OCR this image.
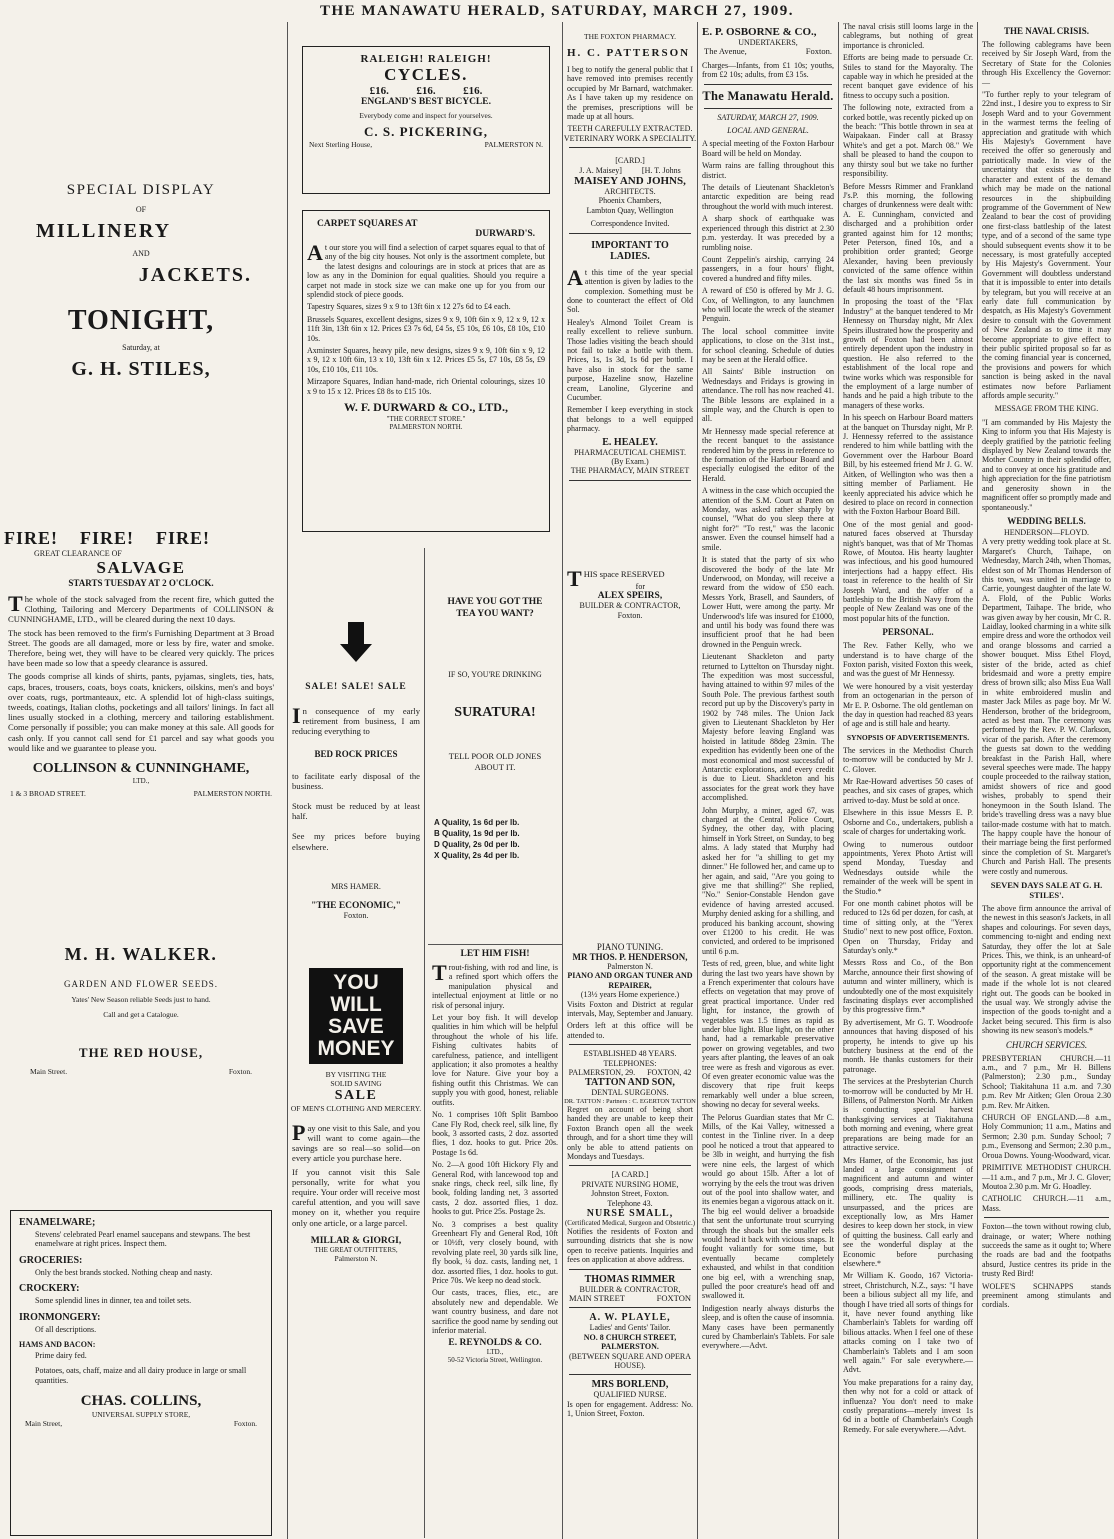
THE MANAWATU HERALD, SATURDAY, MARCH 27, 1909.
SPECIAL DISPLAY
OF
MILLINERY
AND
JACKETS.
TONIGHT,
Saturday, at
G. H. STILES,
FIRE!    FIRE!    FIRE!
GREAT CLEARANCE OF
SALVAGE
STARTS TUESDAY AT 2 O'CLOCK.

The whole of the stock salvaged from the recent fire, which gutted the Clothing, Tailoring and Mercery Departments of COLLINSON & CUNNINGHAME, LTD., will be cleared during the next 10 days.

The stock has been removed to the firm's Furnishing Department at 3 Broad Street. The goods are all damaged, more or less by fire, water and smoke. Therefore, being wet, they will have to be cleared very quickly. The prices have been made so low that a speedy clearance is assured.

The goods comprise all kinds of shirts, pants, pyjamas, singlets, ties, hats, caps, braces, trousers, coats, boys coats, knickers, oilskins, men's and boys' over coats, rugs, portmanteaux, etc. A splendid lot of high-class suitings, tweeds, coatings, Italian cloths, pocketings and all tailors' linings. In fact all lines usually stocked in a clothing, mercery and tailoring establishment. Come personally if possible; you can make money at this sale. All goods for cash only. If you cannot call send for £1 parcel and say what goods you would like and we guarantee to please you.

COLLINSON & CUNNINGHAME,
LTD.,
1 & 3 BROAD STREET.	PALMERSTON NORTH.
M. H. WALKER.
GARDEN AND FLOWER SEEDS.
Yates' New Season reliable Seeds just to hand.
Call and get a Catalogue.
THE RED HOUSE,
Main Street.	Foxton.
ENAMELWARE;
Stevens' celebrated Pearl enamel saucepans and stewpans. The best enamelware at right prices. Inspect them.
GROCERIES:
Only the best brands stocked. Nothing cheap and nasty.
CROCKERY:
Some splendid lines in dinner, tea and toilet sets.
IRONMONGERY:
Of all descriptions.
HAMS AND BACON:
Prime dairy fed.
Potatoes, oats, chaff, maize and all dairy produce in large or small quantities.
CHAS. COLLINS,
UNIVERSAL SUPPLY STORE,
Main Street,	Foxton.
RALEIGH! RALEIGH!
CYCLES.
£16.          £16.          £16.
ENGLAND'S BEST BICYCLE.
Everybody come and inspect for yourselves.
C. S. PICKERING,
Next Sterling House,	PALMERSTON N.
CARPET SQUARES AT
DURWARD'S.

At our store you will find a selection of carpet squares equal to that of any of the big city houses. Not only is the assortment complete, but the latest designs and colourings are in stock at prices that are as low as any in the Dominion for equal qualities. Should you require a carpet not made in stock size we can make one up for you from our splendid stock of piece goods.

Tapestry Squares, sizes 9 x 9 to 13ft 6in x 12 27s 6d to £4 each.

Brussels Squares, excellent designs, sizes 9 x 9, 10ft 6in x 9, 12 x 9, 12 x 11ft 3in, 13ft 6in x 12. Prices £3 7s 6d, £4 5s, £5 10s, £6 10s, £8 10s, £10 10s.

Axminster Squares, heavy pile, new designs, sizes 9 x 9, 10ft 6in x 9, 12 x 9, 12 x 10ft 6in, 13 x 10, 13ft 6in x 12. Prices £5 5s, £7 10s, £8 5s, £9 10s, £10 10s, £11 10s.

Mirzapore Squares, Indian hand-made, rich Oriental colourings, sizes 10 x 9 to 15 x 12. Prices £8 8s to £15 10s.

W. F. DURWARD & CO., LTD.,
"THE CORRECT STORE."
PALMERSTON NORTH.
SALE! SALE! SALE

In consequence of my early retirement from business, I am reducing everything to

BED ROCK PRICES

to facilitate early disposal of the business.

Stock must be reduced by at least half.

See my prices before buying elsewhere.

MRS HAMER.
"THE ECONOMIC,"
Foxton.
YOU
WILL
SAVE
MONEY
BY VISITING THE
SOLID SAVING
SALE
OF MEN'S CLOTHING AND MERCERY.

Pay one visit to this Sale, and you will want to come again—the savings are so real—so solid—on every article you purchase here.

If you cannot visit this Sale personally, write for what you require. Your order will receive most careful attention, and you will save money on it, whether you require only one article, or a large parcel.

MILLAR & GIORGI,
THE GREAT OUTFITTERS,
Palmerston N.
HAVE YOU GOT THE TEA YOU WANT?
IF SO, YOU'RE DRINKING
SURATURA!
TELL POOR OLD JONES ABOUT IT.
A Quality, 1s 6d per lb.
B Quality, 1s 9d per lb.
D Quality, 2s 0d per lb.
X Quality, 2s 4d per lb.
LET HIM FISH!

Trout-fishing, with rod and line, is a refined sport which offers the manipulation physical and intellectual enjoyment at little or no risk of personal injury.

Let your boy fish. It will develop qualities in him which will be helpful throughout the whole of his life. Fishing cultivates habits of carefulness, patience, and intelligent application; it also promotes a healthy love for Nature. Give your boy a fishing outfit this Christmas. We can supply you with good, honest, reliable outfits.

No. 1 comprises 10ft Split Bamboo Cane Fly Rod, check reel, silk line, fly book, 3 assorted casts, 2 doz. assorted flies, 1 doz. hooks to gut. Price 20s. Postage 1s 6d.

No. 2—A good 10ft Hickory Fly and General Rod, with lancewood top and snake rings, check reel, silk line, fly book, folding landing net, 3 assorted casts, 2 doz. assorted flies, 1 doz. hooks to gut. Price 25s. Postage 2s.

No. 3 comprises a best quality Greenheart Fly and General Rod, 10ft or 10½ft, very closely bound, with revolving plate reel, 30 yards silk line, fly book, ¼ doz. casts, landing net, 1 doz. assorted flies, 1 doz. hooks to gut. Price 70s. We keep no dead stock.

Our casts, traces, flies, etc., are absolutely new and dependable. We want country business, and dare not sacrifice the good name by sending out inferior material.

E. REYNOLDS & CO.
LTD.,
50-52 Victoria Street, Wellington.
THE FOXTON PHARMACY.
H. C. PATTERSON

I beg to notify the general public that I have removed into premises recently occupied by Mr Barnard, watchmaker. As I have taken up my residence on the premises, prescriptions will be made up at all hours.

TEETH CAREFULLY EXTRACTED.
VETERINARY WORK A SPECIALITY.
[CARD.]
J. A. Maisey]          [H. T. Johns
MAISEY AND JOHNS,
ARCHITECTS.
Phoenix Chambers,
Lambton Quay, Wellington
Correspondence Invited.
IMPORTANT TO
LADIES.

At this time of the year special attention is given by ladies to the complexion. Something must be done to counteract the effect of Old Sol.

Healey's Almond Toilet Cream is really excellent to relieve sunburn. Those ladies visiting the beach should not fail to take a bottle with them. Prices, 1s, 1s 3d, 1s 6d per bottle. I have also in stock for the same purpose, Hazeline snow, Hazeline cream, Lanoline, Glycerine and Cucumber.

Remember I keep everything in stock that belongs to a well equipped pharmacy.

E. HEALEY.
PHARMACEUTICAL CHEMIST.
(By Exam.)
THE PHARMACY, MAIN STREET

THIS space RESERVED

for
ALEX SPEIRS,
BUILDER & CONTRACTOR,
Foxton.
PIANO TUNING.
MR THOS. P. HENDERSON,
Palmerston N.
PIANO AND ORGAN TUNER AND REPAIRER,
(13½ years Home experience.)

Visits Foxton and District at regular intervals, May, September and January.

Orders left at this office will be attended to.

ESTABLISHED 48 YEARS.
TELEPHONES:
PALMERSTON, 29.      FOXTON, 42
TATTON AND SON,
DENTAL SURGEONS.
DR. TATTON : Partners : C. EGERTON TATTON

Regret on account of being short handed they are unable to keep their Foxton Branch open all the week through, and for a short time they will only be able to attend patients on Mondays and Tuesdays.

[A CARD.]
PRIVATE NURSING HOME,
Johnston Street, Foxton.
Telephone 43.
NURSE SMALL,
(Certificated Medical, Surgeon and Obstetric.)

Notifies the residents of Foxton and surrounding districts that she is now open to receive patients. Inquiries and fees on application at above address.

THOMAS RIMMER
BUILDER & CONTRACTOR,
MAIN STREET	FOXTON
A. W. PLAYLE,
Ladies' and Gents' Tailor.
NO. 8 CHURCH STREET, PALMERSTON.
(BETWEEN SQUARE AND OPERA HOUSE).
MRS BORLEND,
QUALIFIED NURSE.

Is open for engagement. Address: No. 1, Union Street, Foxton.

E. P. OSBORNE & CO.,
UNDERTAKERS,
The Avenue,	Foxton.

Charges—Infants, from £1 10s; youths, from £2 10s; adults, from £3 15s.

The Manawatu Herald.
SATURDAY, MARCH 27, 1909.
LOCAL AND GENERAL.

A special meeting of the Foxton Harbour Board will be held on Monday.

Warm rains are falling throughout this district.

The details of Lieutenant Shackleton's antarctic expedition are being read throughout the world with much interest.

A sharp shock of earthquake was experienced through this district at 2.30 p.m. yesterday. It was preceded by a rumbling noise.

Count Zeppelin's airship, carrying 24 passengers, in a four hours' flight, covered a hundred and fifty miles.

A reward of £50 is offered by Mr J. G. Cox, of Wellington, to any launchmen who will locate the wreck of the steamer Penguin.

The local school committee invite applications, to close on the 31st inst., for school cleaning. Schedule of duties may be seen at the Herald office.

All Saints' Bible instruction on Wednesdays and Fridays is growing in attendance. The roll has now reached 41. The Bible lessons are explained in a simple way, and the Church is open to all.

Mr Hennessy made special reference at the recent banquet to the assistance rendered him by the press in reference to the formation of the Harbour Board and especially eulogised the editor of the Herald.

A witness in the case which occupied the attention of the S.M. Court at Paten on Monday, was asked rather sharply by counsel, "What do you sleep there at night for?" "To rest," was the laconic answer. Even the counsel himself had a smile.

It is stated that the party of six who discovered the body of the late Mr Underwood, on Monday, will receive a reward from the widow of £50 each. Messrs York, Brasell, and Saunders, of Lower Hutt, were among the party. Mr Underwood's life was insured for £1000, and until his body was found there was insufficient proof that he had been drowned in the Penguin wreck.

Lieutenant Shackleton and party returned to Lyttelton on Thursday night. The expedition was most successful, having attained to within 97 miles of the South Pole. The previous farthest south record put up by the Discovery's party in 1902 by 748 miles. The Union Jack given to Lieutenant Shackleton by Her Majesty before leaving England was hoisted in latitude 88deg 23min. The expedition has evidently been one of the most economical and most successful of Antarctic explorations, and every credit is due to Lieut. Shackleton and his associates for the great work they have accomplished.

John Murphy, a miner, aged 67, was charged at the Central Police Court, Sydney, the other day, with placing himself in York Street, on Sunday, to beg alms. A lady stated that Murphy had asked her for "a shilling to get my dinner." He followed her, and came up to her again, and said, "Are you going to give me that shilling?" She replied, "No." Senior-Constable Hendon gave evidence of having arrested accused. Murphy denied asking for a shilling, and produced his banking account, showing over £1200 to his credit. He was convicted, and ordered to be imprisoned until 6 p.m.

Tests of red, green, blue, and white light during the last two years have shown by a French experimenter that colours have effects on vegetation that may prove of great practical importance. Under red light, for instance, the growth of vegetables was 1.5 times as rapid as under blue light. Blue light, on the other hand, had a remarkable preservative power on growing vegetables, and two years after planting, the leaves of an oak tree were as fresh and vigorous as ever. Of even greater economic value was the discovery that ripe fruit keeps remarkably well under a blue screen, showing no decay for several weeks.

The Pelorus Guardian states that Mr C. Mills, of the Kai Valley, witnessed a contest in the Tinline river. In a deep pool he noticed a trout that appeared to be 3lb in weight, and hurrying the fish were nine eels, the largest of which would go about 15lb. After a lot of worrying by the eels the trout was driven out of the pool into shallow water, and its enemies began a vigorous attack on it. The big eel would deliver a broadside that sent the unfortunate trout scurrying through the shoals but the smaller eels would head it back with vicious snaps. It fought valiantly for some time, but eventually became completely exhausted, and whilst in that condition one big eel, with a wrenching snap, pulled the poor creature's head off and swallowed it.

Indigestion nearly always disturbs the sleep, and is often the cause of insomnia. Many cases have been permanently cured by Chamberlain's Tablets. For sale everywhere.—Advt.

The naval crisis still looms large in the cablegrams, but nothing of great importance is chronicled.

Efforts are being made to persuade Cr. Stiles to stand for the Mayoralty. The capable way in which he presided at the recent banquet gave evidence of his fitness to occupy such a position.

The following note, extracted from a corked bottle, was recently picked up on the beach: "This bottle thrown in sea at Waipakaan. Finder call at Brassy White's and get a pot. March 08." We shall be pleased to hand the coupon to any thirsty soul but we take no further responsibility.

Before Messrs Rimmer and Frankland J's.P. this morning, the following charges of drunkenness were dealt with: A. E. Cunningham, convicted and discharged and a prohibition order granted against him for 12 months; Peter Peterson, fined 10s, and a prohibition order granted; George Alexander, having been previously convicted of the same offence within the last six months was fined 5s in default 48 hours imprisonment.

In proposing the toast of the "Flax Industry" at the banquet tendered to Mr Hennessy on Thursday night, Mr Alex Speirs illustrated how the prosperity and growth of Foxton had been almost entirely dependent upon the industry in question. He also referred to the establishment of the local rope and twine works which was responsible for the employment of a large number of hands and he paid a high tribute to the managers of these works.

In his speech on Harbour Board matters at the banquet on Thursday night, Mr P. J. Hennessy referred to the assistance rendered to him while battling with the Government over the Harbour Board Bill, by his esteemed friend Mr J. G. W. Aitken, of Wellington who was then a sitting member of Parliament. He keenly appreciated his advice which he desired to place on record in connection with the Foxton Harbour Board Bill.

One of the most genial and good-natured faces observed at Thursday night's banquet, was that of Mr Thomas Rowe, of Moutoa. His hearty laughter was infectious, and his good humoured interjections had a happy effect. His toast in reference to the health of Sir Joseph Ward, and the offer of a battleship to the British Navy from the people of New Zealand was one of the most popular hits of the function.

PERSONAL.

The Rev. Father Kelly, who we understand is to have charge of the Foxton parish, visited Foxton this week, and was the guest of Mr Hennessy.

We were honoured by a visit yesterday from an octogenarian in the person of Mr E. P. Osborne. The old gentleman on the day in question had reached 83 years of age and is still hale and hearty.

SYNOPSIS OF ADVERTISEMENTS.

The services in the Methodist Church to-morrow will be conducted by Mr J. C. Glover.

Mr Rae-Howard advertises 50 cases of peaches, and six cases of grapes, which arrived to-day. Must be sold at once.

Elsewhere in this issue Messrs E. P. Osborne and Co., undertakers, publish a scale of charges for undertaking work.

Owing to numerous outdoor appointments, Yerex Photo Artist will spend Monday, Tuesday and Wednesdays outside while the remainder of the week will be spent in the Studio.*

For one month cabinet photos will be reduced to 12s 6d per dozen, for cash, at time of sitting only, at the "Yerex Studio" next to new post office, Foxton. Open on Thursday, Friday and Saturday's only.*

Messrs Ross and Co., of the Bon Marche, announce their first showing of autumn and winter millinery, which is undoubtedly one of the most exquisitely fascinating displays ever accomplished by this progressive firm.*

By advertisement, Mr G. T. Woodroofe announces that having disposed of his property, he intends to give up his butchery business at the end of the month. He thanks customers for their patronage.

The services at the Presbyterian Church to-morrow will be conducted by Mr H. Billens, of Palmerston North. Mr Aitken is conducting special harvest thanksgiving services at Tiakitahuna both morning and evening, where great preparations are being made for an attractive service.

Mrs Hamer, of the Economic, has just landed a large consignment of magnificent and autumn and winter goods, comprising dress materials, millinery, etc. The quality is unsurpassed, and the prices are exceptionally low, as Mrs Hamer desires to keep down her stock, in view of quitting the business. Call early and see the wonderful display at the Economic before purchasing elsewhere.*

Mr William K. Goodo, 167 Victoria-street, Christchurch, N.Z., says: "I have been a bilious subject all my life, and though I have tried all sorts of things for it, have never found anything like Chamberlain's Tablets for warding off bilious attacks. When I feel one of these attacks coming on I take two of Chamberlain's Tablets and I am soon well again." For sale everywhere.—Advt.

You make preparations for a rainy day, then why not for a cold or attack of influenza? You don't need to make costly preparations—merely invest 1s 6d in a bottle of Chamberlain's Cough Remedy. For sale everywhere.—Advt.

THE NAVAL CRISIS.

The following cablegrams have been received by Sir Joseph Ward, from the Secretary of State for the Colonies through His Excellency the Governor:—

"To further reply to your telegram of 22nd inst., I desire you to express to Sir Joseph Ward and to your Government in the warmest terms the feeling of appreciation and gratitude with which His Majesty's Government have received the offer so generously and patriotically made. In view of the uncertainty that exists as to the character and extent of the demand which may be made on the national resources in the shipbuilding programme of the Government of New Zealand to bear the cost of providing one first-class battleship of the latest type, and of a second of the same type should subsequent events show it to be necessary, is most gratefully accepted by His Majesty's Government. Your Government will doubtless understand that it is impossible to enter into details by telegram, but you will receive at an early date full communication by despatch, as His Majesty's Government desire to consult with the Government of New Zealand as to time it may become appropriate to give effect to their public spirited proposal so far as the coming financial year is concerned, the provisions and powers for which sanction is being asked in the naval estimates now before Parliament affords ample security."

MESSAGE FROM THE KING.

"I am commanded by His Majesty the King to inform you that His Majesty is deeply gratified by the patriotic feeling displayed by New Zealand towards the Mother Country in their splendid offer, and to convey at once his gratitude and high appreciation for the fine patriotism and generosity shown in the magnificent offer so promptly made and spontaneously."

WEDDING BELLS.
HENDERSON—FLOYD.

A very pretty wedding took place at St. Margaret's Church, Taihape, on Wednesday, March 24th, when Thomas, eldest son of Mr Thomas Henderson of this town, was united in marriage to Carrie, youngest daughter of the late W. A. Flold, of the Public Works Department, Taihape. The bride, who was given away by her cousin, Mr C. R. Laidlay, looked charming in a white silk empire dress and wore the orthodox veil and orange blossoms and carried a shower bouquet. Miss Ethel Floyd, sister of the bride, acted as chief bridesmaid and wore a pretty empire dress of brown silk; also Miss Eua Wall in white embroidered muslin and master Jack Miles as page boy. Mr W. Henderson, brother of the bridegroom, acted as best man. The ceremony was performed by the Rev. P. W. Clarkson, vicar of the parish. After the ceremony the guests sat down to the wedding breakfast in the Parish Hall, where several speeches were made. The happy couple proceeded to the railway station, amidst showers of rice and good wishes, probably to spend their honeymoon in the South Island. The bride's travelling dress was a navy blue tailor-made costume with hat to match. The happy couple have the honour of their marriage being the first performed since the completion of St. Margaret's Church and Parish Hall. The presents were costly and numerous.

SEVEN DAYS SALE AT G. H. STILES'.

The above firm announce the arrival of the newest in this season's Jackets, in all shapes and colourings. For seven days, commencing to-night and ending next Saturday, they offer the lot at Sale Prices. This, we think, is an unheard-of opportunity right at the commencement of the season. A great mistake will be made if the whole lot is not cleared right out. The goods can be booked in the usual way. We strongly advise the inspection of the goods to-night and a Jacket being secured. This firm is also showing its new season's models.*

CHURCH SERVICES.

PRESBYTERIAN CHURCH.—11 a.m., and 7 p.m., Mr H. Billens (Palmerston); 2.30 p.m., Sunday School; Tiakitahuna 11 a.m. and 7.30 p.m. Rev Mr Aitken; Glen Oroua 2.30 p.m. Rev. Mr Aitken.

CHURCH OF ENGLAND.—8 a.m., Holy Communion; 11 a.m., Matins and Sermon; 2.30 p.m. Sunday School; 7 p.m., Evensong and Sermon; 2.30 p.m., Oroua Downs. Young-Woodward, vicar.

PRIMITIVE METHODIST CHURCH.—11 a.m., and 7 p.m., Mr J. C. Glover; Moutoa 2.30 p.m. Mr G. Hoadley.

CATHOLIC CHURCH.—11 a.m., Mass.

Foxton—the town without rowing club, drainage, or water; Where nothing succeeds the same as it ought to; Where the roads are bad and the footpaths absurd, Justice centres its pride in the trusty Red Bird!

WOLFE'S SCHNAPPS stands preeminent among stimulants and cordials.
